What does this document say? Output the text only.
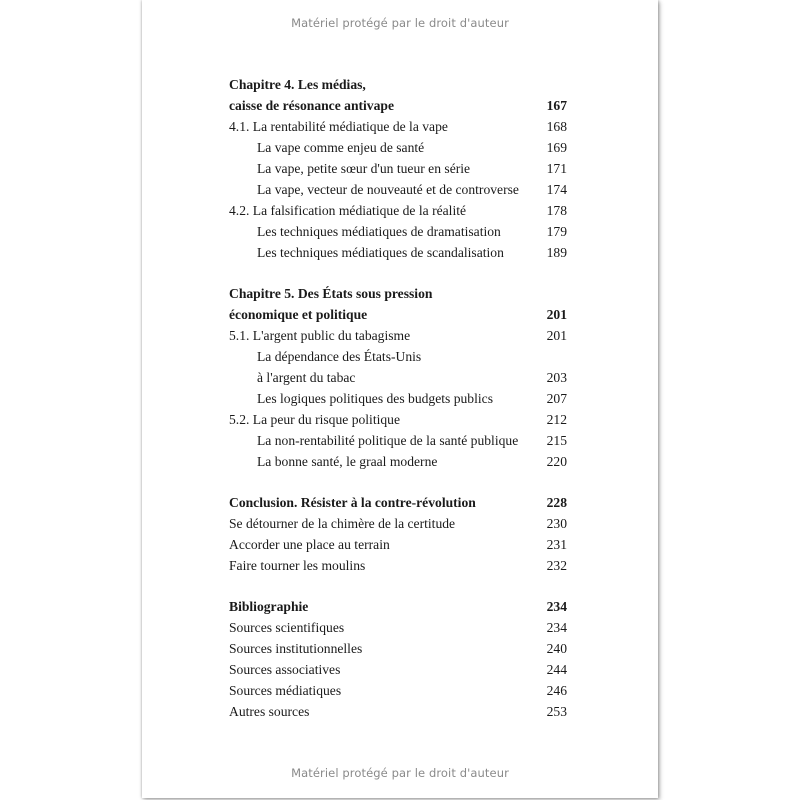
Matériel protégé par le droit d'auteur
Chapitre 4. Les médias,
caisse de résonance antivape	167
4.1. La rentabilité médiatique de la vape	168
La vape comme enjeu de santé	169
La vape, petite sœur d'un tueur en série	171
La vape, vecteur de nouveauté et de controverse 174
4.2. La falsification médiatique de la réalité	178
Les techniques médiatiques de dramatisation	179
Les techniques médiatiques de scandalisation	189
Chapitre 5. Des États sous pression
économique et politique	201
5.1. L'argent public du tabagisme	201
La dépendance des États-Unis
à l'argent du tabac	203
Les logiques politiques des budgets publics	207
5.2. La peur du risque politique	212
La non-rentabilité politique de la santé publique 215
La bonne santé, le graal moderne	220
Conclusion. Résister à la contre-révolution	228
Se détourner de la chimère de la certitude	230
Accorder une place au terrain	231
Faire tourner les moulins	232
Bibliographie	234
Sources scientifiques	234
Sources institutionnelles	240
Sources associatives	244
Sources médiatiques	246
Autres sources	253
Matériel protégé par le droit d'auteur
